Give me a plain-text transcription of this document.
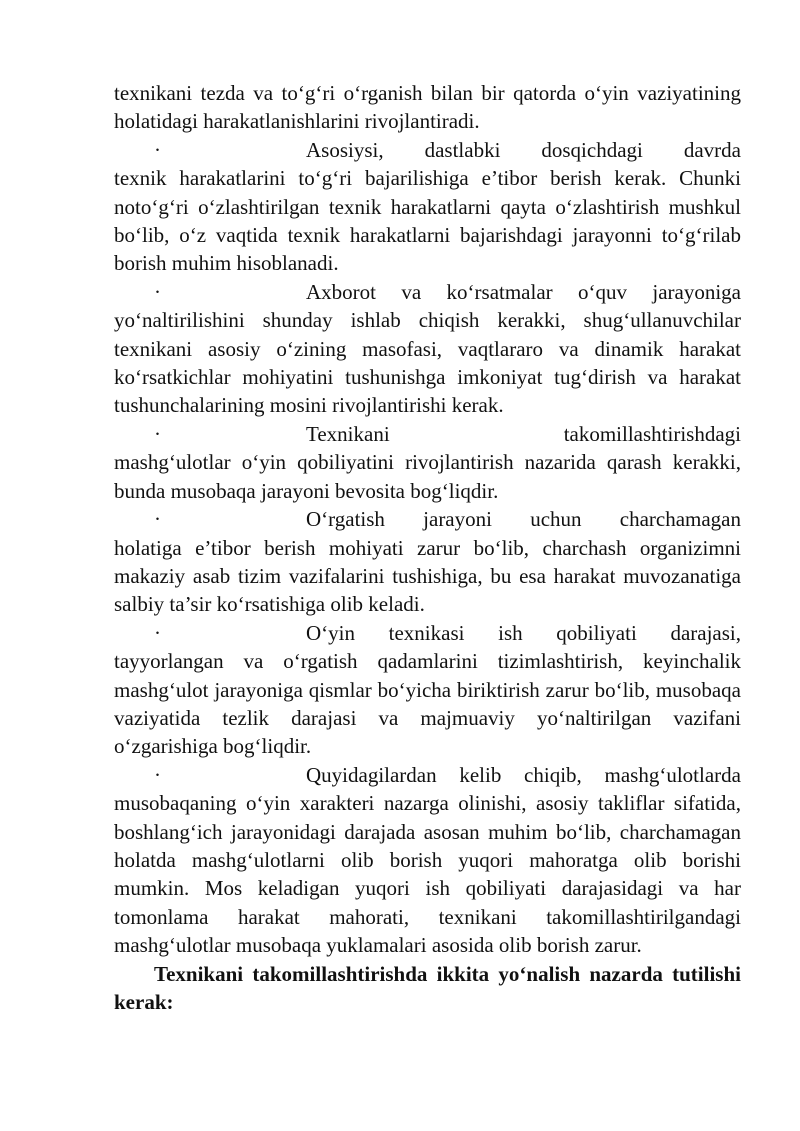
texnikani tezda va to‘g‘ri o‘rganish bilan bir qatorda o‘yin vaziyatining holatidagi harakatlanishlarini rivojlantiradi.

·	Asosiysi, dastlabki dosqichdagi davrda
texnik harakatlarini to‘g‘ri bajarilishiga e’tibor berish kerak. Chunki noto‘g‘ri o‘zlashtirilgan texnik harakatlarni qayta o‘zlashtirish mushkul bo‘lib, o‘z vaqtida texnik harakatlarni bajarishdagi jarayonni to‘g‘rilab borish muhim hisoblanadi.
·	Axborot va ko‘rsatmalar o‘quv jarayoniga
yo‘naltirilishini shunday ishlab chiqish kerakki, shug‘ullanuvchilar texnikani asosiy o‘zining masofasi, vaqtlararo va dinamik harakat ko‘rsatkichlar mohiyatini tushunishga imkoniyat tug‘dirish va harakat tushunchalarining mosini rivojlantirishi kerak.
·	Texnikani takomillashtirishdagi
mashg‘ulotlar o‘yin qobiliyatini rivojlantirish nazarida qarash kerakki, bunda musobaqa jarayoni bevosita bog‘liqdir.
·	O‘rgatish jarayoni uchun charchamagan
holatiga e’tibor berish mohiyati zarur bo‘lib, charchash organizimni makaziy asab tizim vazifalarini tushishiga, bu esa harakat muvozanatiga salbiy ta’sir ko‘rsatishiga olib keladi.
·	O‘yin texnikasi ish qobiliyati darajasi,
tayyorlangan va o‘rgatish qadamlarini tizimlashtirish, keyinchalik mashg‘ulot jarayoniga qismlar bo‘yicha biriktirish zarur bo‘lib, musobaqa vaziyatida tezlik darajasi va majmuaviy yo‘naltirilgan vazifani o‘zgarishiga bog‘liqdir.
·	Quyidagilardan kelib chiqib, mashg‘ulotlarda
musobaqaning o‘yin xarakteri nazarga olinishi, asosiy takliflar sifatida, boshlang‘ich jarayonidagi darajada asosan muhim bo‘lib, charchamagan holatda mashg‘ulotlarni olib borish yuqori mahoratga olib borishi mumkin. Mos keladigan yuqori ish qobiliyati darajasidagi va har tomonlama harakat mahorati, texnikani takomillashtirilgandagi mashg‘ulotlar musobaqa yuklamalari asosida olib borish zarur.

Texnikani takomillashtirishda ikkita yo‘nalish nazarda tutilishi kerak:
